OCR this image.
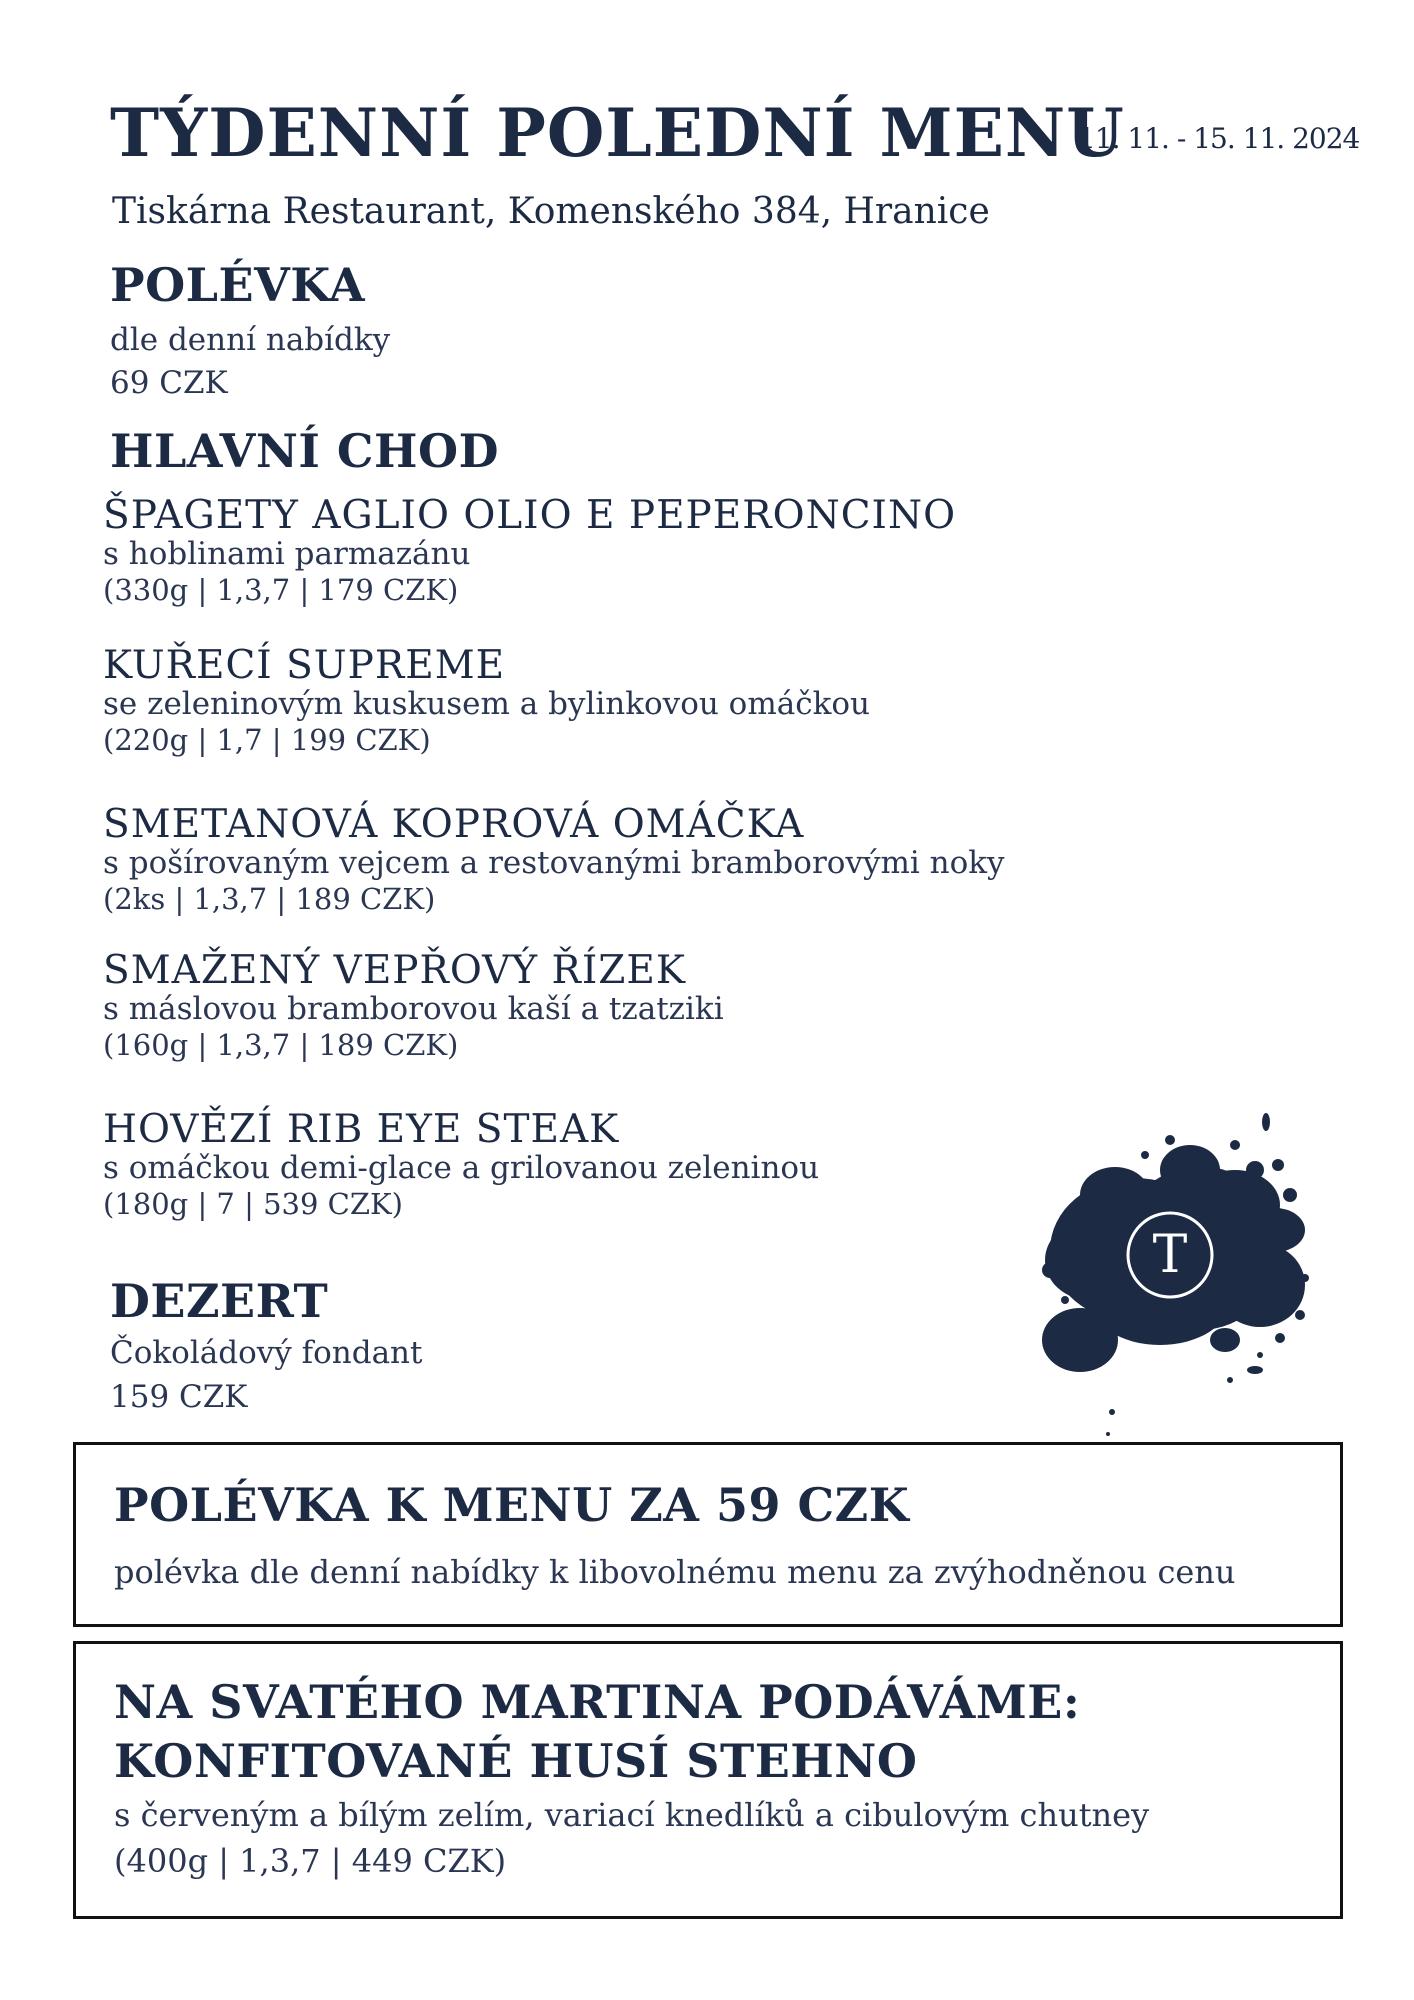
TÝDENNÍ POLEDNÍ MENU
11. 11. - 15. 11. 2024
Tiskárna Restaurant, Komenského 384, Hranice
POLÉVKA
dle denní nabídky
69 CZK
HLAVNÍ CHOD
ŠPAGETY AGLIO OLIO E PEPERONCINO
s hoblinami parmazánu
(330g | 1,3,7 | 179 CZK)
KUŘECÍ SUPREME
se zeleninovým kuskusem a bylinkovou omáčkou
(220g | 1,7 | 199 CZK)
SMETANOVÁ KOPROVÁ OMÁČKA
s pošírovaným vejcem a restovanými bramborovými noky
(2ks | 1,3,7 | 189 CZK)
SMAŽENÝ VEPŘOVÝ ŘÍZEK
s máslovou bramborovou kaší a tzatziki
(160g | 1,3,7 | 189 CZK)
HOVĚZÍ RIB EYE STEAK
s omáčkou demi-glace a grilovanou zeleninou
(180g | 7 | 539 CZK)
DEZERT
Čokoládový fondant
159 CZK
T
POLÉVKA K MENU ZA 59 CZK
polévka dle denní nabídky k libovolnému menu za zvýhodněnou cenu
NA SVATÉHO MARTINA PODÁVÁME:
KONFITOVANÉ HUSÍ STEHNO
s červeným a bílým zelím, variací knedlíků a cibulovým chutney
(400g | 1,3,7 | 449 CZK)
